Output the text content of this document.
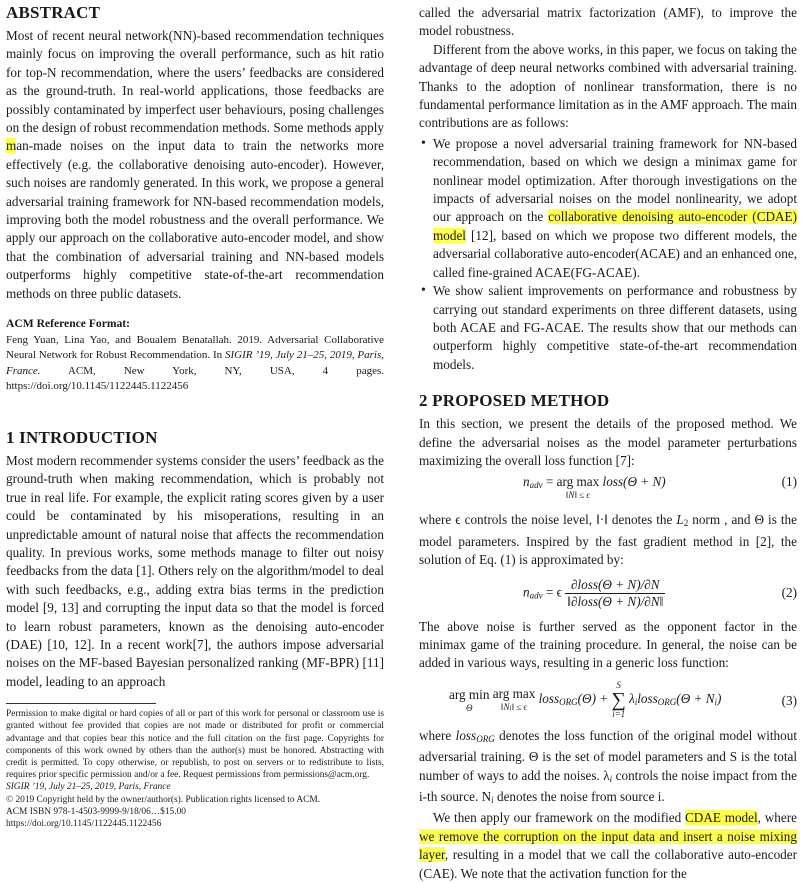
ABSTRACT

Most of recent neural network(NN)-based recommendation techniques mainly focus on improving the overall performance, such as hit ratio for top-N recommendation, where the users’ feedbacks are considered as the ground-truth. In real-world applications, those feedbacks are possibly contaminated by imperfect user behaviours, posing challenges on the design of robust recommendation methods. Some methods apply man-made noises on the input data to train the networks more effectively (e.g. the collaborative denoising auto-encoder). However, such noises are randomly generated. In this work, we propose a general adversarial training framework for NN-based recommendation models, improving both the model robustness and the overall performance. We apply our approach on the collaborative auto-encoder model, and show that the combination of adversarial training and NN-based models outperforms highly competitive state-of-the-art recommendation methods on three public datasets.

ACM Reference Format:

Feng Yuan, Lina Yao, and Boualem Benatallah. 2019. Adversarial Collaborative Neural Network for Robust Recommendation. In SIGIR ’19, July 21–25, 2019, Paris, France. ACM, New York, NY, USA, 4 pages. https://doi.org/10.1145/1122445.1122456

1 INTRODUCTION

Most modern recommender systems consider the users’ feedback as the ground-truth when making recommendation, which is probably not true in real life. For example, the explicit rating scores given by a user could be contaminated by his misoperations, resulting in an unpredictable amount of natural noise that affects the recommendation quality. In previous works, some methods manage to filter out noisy feedbacks from the data [1]. Others rely on the algorithm/model to deal with such feedbacks, e.g., adding extra bias terms in the prediction model [9, 13] and corrupting the input data so that the model is forced to learn robust parameters, known as the denoising auto-encoder (DAE) [10, 12]. In a recent work[7], the authors impose adversarial noises on the MF-based Bayesian personalized ranking (MF-BPR) [11] model, leading to an approach

Permission to make digital or hard copies of all or part of this work for personal or classroom use is granted without fee provided that copies are not made or distributed for profit or commercial advantage and that copies bear this notice and the full citation on the first page. Copyrights for components of this work owned by others than the author(s) must be honored. Abstracting with credit is permitted. To copy otherwise, or republish, to post on servers or to redistribute to lists, requires prior specific permission and/or a fee. Request permissions from permissions@acm.org.

SIGIR ’19, July 21–25, 2019, Paris, France

© 2019 Copyright held by the owner/author(s). Publication rights licensed to ACM.

ACM ISBN 978-1-4503-9999-9/18/06…$15.00

https://doi.org/10.1145/1122445.1122456

called the adversarial matrix factorization (AMF), to improve the model robustness.

Different from the above works, in this paper, we focus on taking the advantage of deep neural networks combined with adversarial training. Thanks to the adoption of nonlinear transformation, there is no fundamental performance limitation as in the AMF approach. The main contributions are as follows:

• We propose a novel adversarial training framework for NN-based recommendation, based on which we design a minimax game for nonlinear model optimization. After thorough investigations on the impacts of adversarial noises on the model nonlinearity, we adopt our approach on the collaborative denoising auto-encoder (CDAE) model [12], based on which we propose two different models, the adversarial collaborative auto-encoder(ACAE) and an enhanced one, called fine-grained ACAE(FG-ACAE).
• We show salient improvements on performance and robustness by carrying out standard experiments on three different datasets, using both ACAE and FG-ACAE. The results show that our methods can outperform highly competitive state-of-the-art recommendation models.
2 PROPOSED METHOD

In this section, we present the details of the proposed method. We define the adversarial noises as the model parameter perturbations maximizing the overall loss function [7]:

$n_{adv}$ = arg max
‖N‖ ≤ ϵ
loss(Θ + N)	(1)

where ϵ controls the noise level, ‖·‖ denotes the $L_2$ norm , and Θ is the model parameters. Inspired by the fast gradient method in [2], the solution of Eq. (1) is approximated by:

$n_{adv} = \epsilon \frac{\text{∂loss(Θ + N)/∂N}}{\text{‖∂loss(Θ + N)/∂N‖}}$	(2)

The above noise is further served as the opponent factor in the minimax game of the training procedure. In general, the noise can be added in various ways, resulting in a generic loss function:

arg min
Θ
arg max
‖Ni‖ ≤ ϵ
loss$_{ORG}$(Θ) +
S
∑
i=1
$\lambda_iloss_{ORG}(\Theta + N_i)$	(3)

where loss$_{ORG}$ denotes the loss function of the original model without adversarial training. Θ is the set of model parameters and S is the total number of ways to add the noises. $\lambda_i$ controls the noise impact from the i-th source. $N_i$ denotes the noise from source i.

We then apply our framework on the modified CDAE model, where we remove the corruption on the input data and insert a noise mixing layer, resulting in a model that we call the collaborative auto-encoder (CAE). We note that the activation function for the
